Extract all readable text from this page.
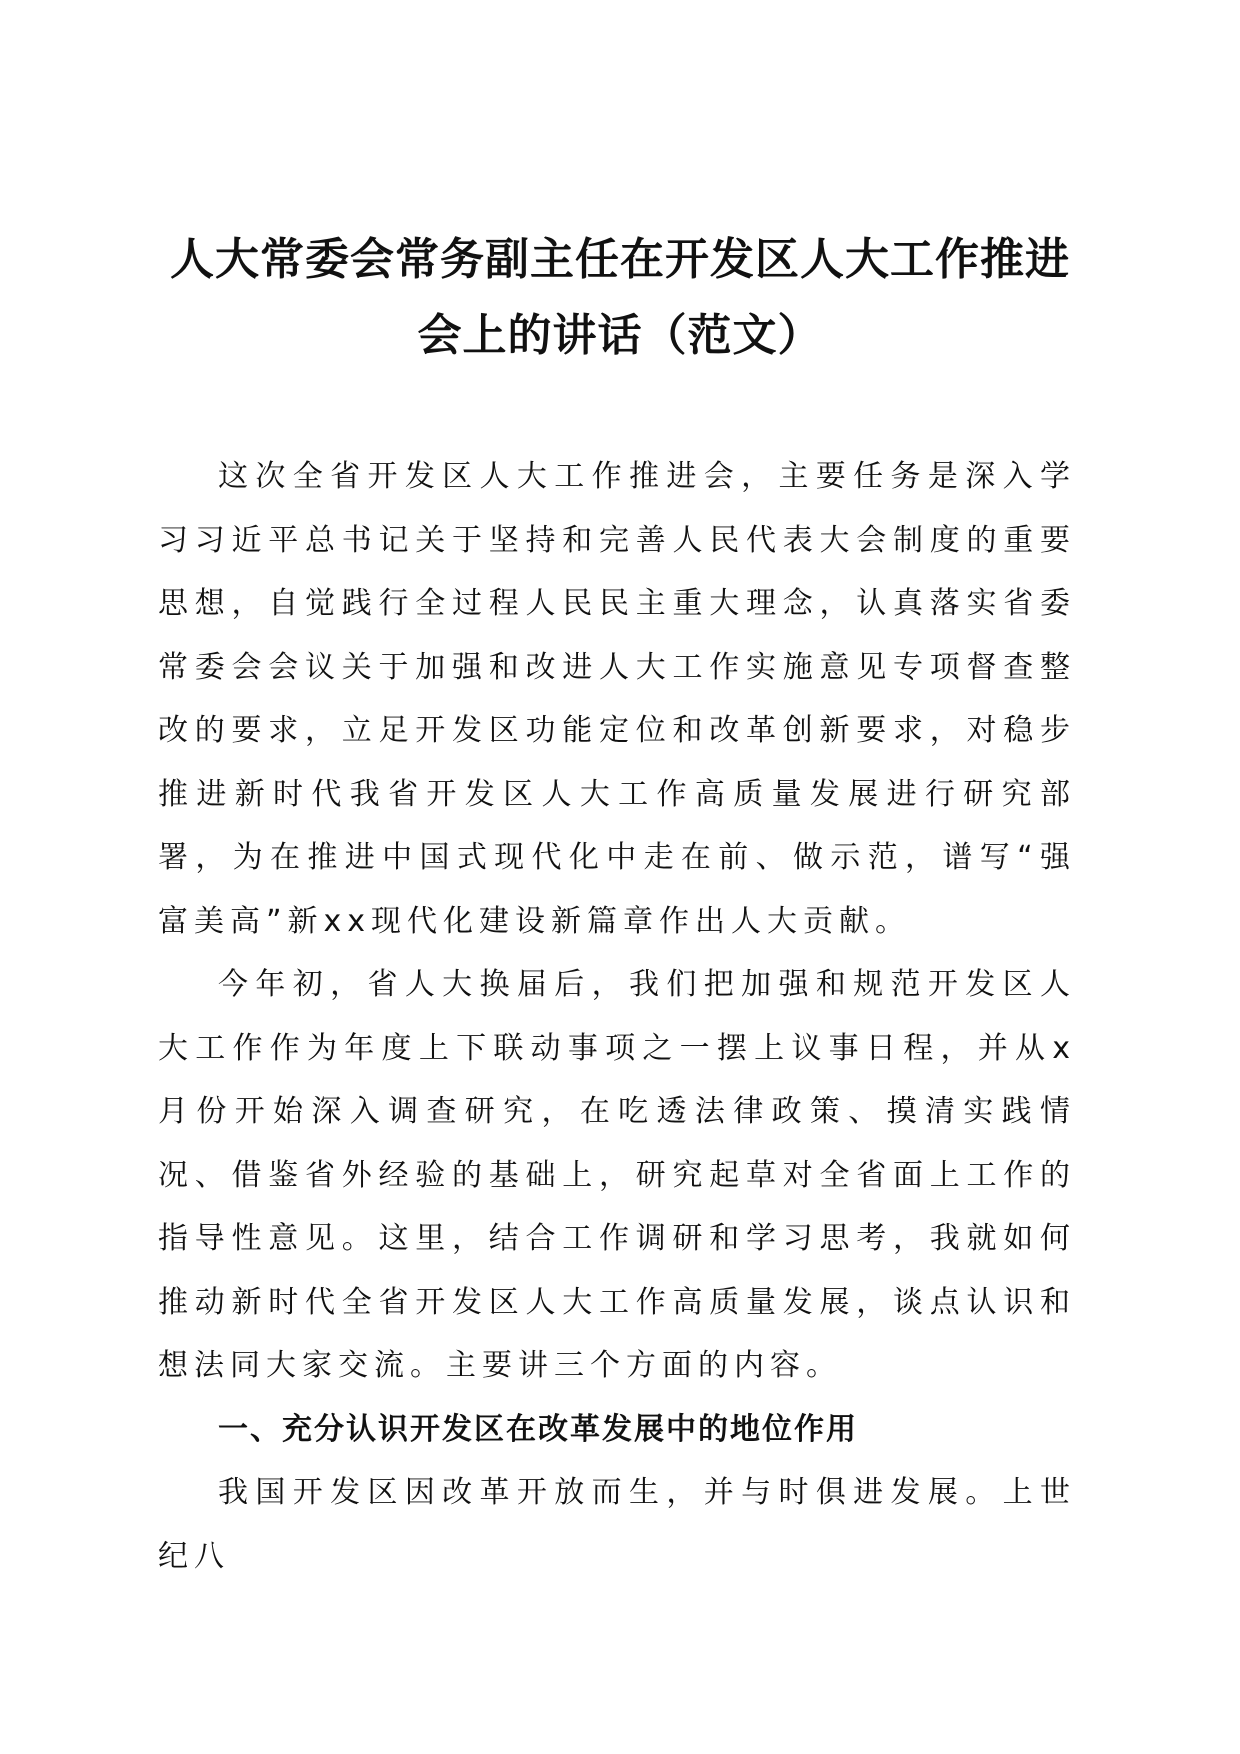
人大常委会常务副主任在开发区人大工作推进
会上的讲话（范文）

这次全省开发区人大工作推进会，主要任务是深入学习习近平总书记关于坚持和完善人民代表大会制度的重要思想，自觉践行全过程人民民主重大理念，认真落实省委常委会会议关于加强和改进人大工作实施意见专项督查整改的要求，立足开发区功能定位和改革创新要求，对稳步推进新时代我省开发区人大工作高质量发展进行研究部署，为在推进中国式现代化中走在前、做示范，谱写“强富美高”新xx现代化建设新篇章作出人大贡献。

今年初，省人大换届后，我们把加强和规范开发区人大工作作为年度上下联动事项之一摆上议事日程，并从x月份开始深入调查研究，在吃透法律政策、摸清实践情况、借鉴省外经验的基础上，研究起草对全省面上工作的指导性意见。这里，结合工作调研和学习思考，我就如何推动新时代全省开发区人大工作高质量发展，谈点认识和想法同大家交流。主要讲三个方面的内容。

一、充分认识开发区在改革发展中的地位作用

我国开发区因改革开放而生，并与时俱进发展。上世纪八
